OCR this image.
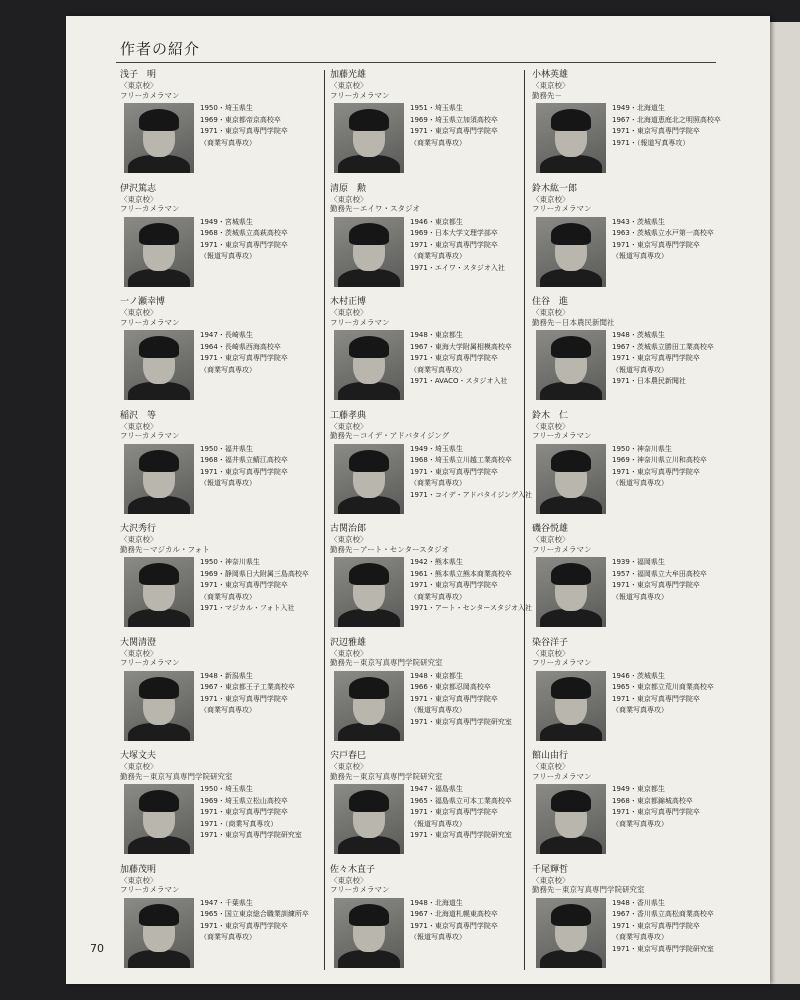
作者の紹介
浅子　明
〈東京校〉
フリーカメラマン
1950・埼玉県生
1969・東京都帝京高校卒
1971・東京写真専門学院卒
（商業写真専攻）
伊沢篤志
〈東京校〉
フリーカメラマン
1949・宮城県生
1968・茨城県立高萩高校卒
1971・東京写真専門学院卒
（報道写真専攻）
一ノ瀬幸博
〈東京校〉
フリーカメラマン
1947・長崎県生
1964・長崎県西海高校卒
1971・東京写真専門学院卒
（商業写真専攻）
稲沢　等
〈東京校〉
フリーカメラマン
1950・福井県生
1968・福井県立鯖江高校卒
1971・東京写真専門学院卒
（報道写真専攻）
大沢秀行
〈東京校〉
勤務先－マジカル・フォト
1950・神奈川県生
1969・静岡県日大附属三島高校卒
1971・東京写真専門学院卒
（商業写真専攻）
1971・マジカル・フォト入社
大関清澄
〈東京校〉
フリーカメラマン
1948・新潟県生
1967・東京都王子工業高校卒
1971・東京写真専門学院卒
（商業写真専攻）
大塚文夫
〈東京校〉
勤務先－東京写真専門学院研究室
1950・埼玉県生
1969・埼玉県立松山高校卒
1971・東京写真専門学院卒
1971・（商業写真専攻）
1971・東京写真専門学院研究室
加藤茂明
〈東京校〉
フリーカメラマン
1947・千葉県生
1965・国立東京総合職業訓練所卒
1971・東京写真専門学院卒
（商業写真専攻）
加藤光雄
〈東京校〉
フリーカメラマン
1951・埼玉県生
1969・埼玉県立加須高校卒
1971・東京写真専門学院卒
（商業写真専攻）
清原　勲
〈東京校〉
勤務先－エイワ・スタジオ
1946・東京都生
1969・日本大学文理学部卒
1971・東京写真専門学院卒
（商業写真専攻）
1971・エイワ・スタジオ入社
木村正博
〈東京校〉
フリーカメラマン
1948・東京都生
1967・東海大学附属相模高校卒
1971・東京写真専門学院卒
（商業写真専攻）
1971・AVACO・スタジオ入社
工藤孝典
〈東京校〉
勤務先－コイデ・アドバタイジング
1949・埼玉県生
1968・埼玉県立川越工業高校卒
1971・東京写真専門学院卒
（商業写真専攻）
1971・コイデ・アドバタイジング入社
古関治郎
〈東京校〉
勤務先－アート・センタースタジオ
1942・熊本県生
1961・熊本県立熊本商業高校卒
1971・東京写真専門学院卒
（商業写真専攻）
1971・アート・センタースタジオ入社
沢辺雅雄
〈東京校〉
勤務先－東京写真専門学院研究室
1948・東京都生
1966・東京都忍岡高校卒
1971・東京写真専門学院卒
（報道写真専攻）
1971・東京写真専門学院研究室
宍戸春巳
〈東京校〉
勤務先－東京写真専門学院研究室
1947・福島県生
1965・福島県立可本工業高校卒
1971・東京写真専門学院卒
（報道写真専攻）
1971・東京写真専門学院研究室
佐々木直子
〈東京校〉
フリーカメラマン
1948・北海道生
1967・北海道札幌東高校卒
1971・東京写真専門学院卒
（報道写真専攻）
小林英雄
〈東京校〉
勤務先－
1949・北海道生
1967・北海道恵庭北之明照高校卒
1971・東京写真専門学院卒
1971・（報道写真専攻）
鈴木紘一郎
〈東京校〉
フリーカメラマン
1943・茨城県生
1963・茨城県立水戸第一高校卒
1971・東京写真専門学院卒
（報道写真専攻）
住谷　進
〈東京校〉
勤務先－日本農民新聞社
1948・茨城県生
1967・茨城県立勝田工業高校卒
1971・東京写真専門学院卒
（報道写真専攻）
1971・日本農民新聞社
鈴木　仁
〈東京校〉
フリーカメラマン
1950・神奈川県生
1969・神奈川県立川和高校卒
1971・東京写真専門学院卒
（報道写真専攻）
磯谷悦雄
〈東京校〉
フリーカメラマン
1939・福岡県生
1957・福岡県立大牟田高校卒
1971・東京写真専門学院卒
（報道写真専攻）
染谷洋子
〈東京校〉
フリーカメラマン
1946・茨城県生
1965・東京都立荒川商業高校卒
1971・東京写真専門学院卒
（商業写真専攻）
館山由行
〈東京校〉
フリーカメラマン
1949・東京都生
1968・東京都錦城高校卒
1971・東京写真専門学院卒
（商業写真専攻）
千尾輝哲
〈東京校〉
勤務先－東京写真専門学院研究室
1948・香川県生
1967・香川県立高松商業高校卒
1971・東京写真専門学院卒
（商業写真専攻）
1971・東京写真専門学院研究室
70
